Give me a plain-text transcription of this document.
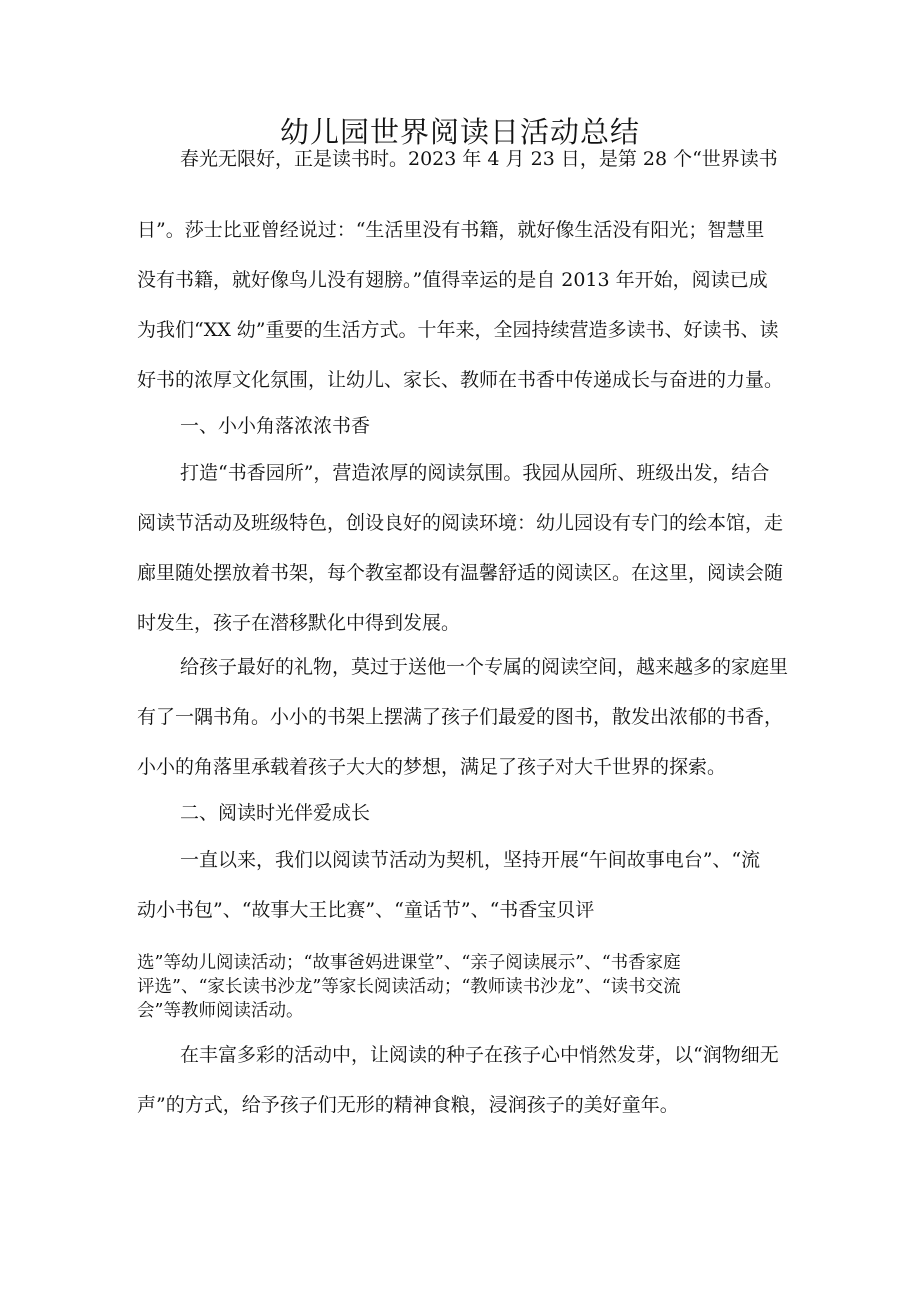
幼儿园世界阅读日活动总结
春光无限好，正是读书时。2023 年 4 月 23 日，是第 28 个“世界读书
日”。莎士比亚曾经说过：“生活里没有书籍，就好像生活没有阳光；智慧里
没有书籍，就好像鸟儿没有翅膀。”值得幸运的是自 2013 年开始，阅读已成
为我们“XX 幼”重要的生活方式。十年来，全园持续营造多读书、好读书、读
好书的浓厚文化氛围，让幼儿、家长、教师在书香中传递成长与奋进的力量。
一、小小角落浓浓书香
打造“书香园所”，营造浓厚的阅读氛围。我园从园所、班级出发，结合
阅读节活动及班级特色，创设良好的阅读环境：幼儿园设有专门的绘本馆，走
廊里随处摆放着书架，每个教室都设有温馨舒适的阅读区。在这里，阅读会随
时发生，孩子在潜移默化中得到发展。
给孩子最好的礼物，莫过于送他一个专属的阅读空间，越来越多的家庭里
有了一隅书角。小小的书架上摆满了孩子们最爱的图书，散发出浓郁的书香，
小小的角落里承载着孩子大大的梦想，满足了孩子对大千世界的探索。
二、阅读时光伴爱成长
一直以来，我们以阅读节活动为契机，坚持开展“午间故事电台”、“流
动小书包”、“故事大王比赛”、“童话节”、“书香宝贝评
选”等幼儿阅读活动；“故事爸妈进课堂”、“亲子阅读展示”、“书香家庭
评选”、“家长读书沙龙”等家长阅读活动；“教师读书沙龙”、“读书交流
会”等教师阅读活动。
在丰富多彩的活动中，让阅读的种子在孩子心中悄然发芽，以“润物细无
声”的方式，给予孩子们无形的精神食粮，浸润孩子的美好童年。
